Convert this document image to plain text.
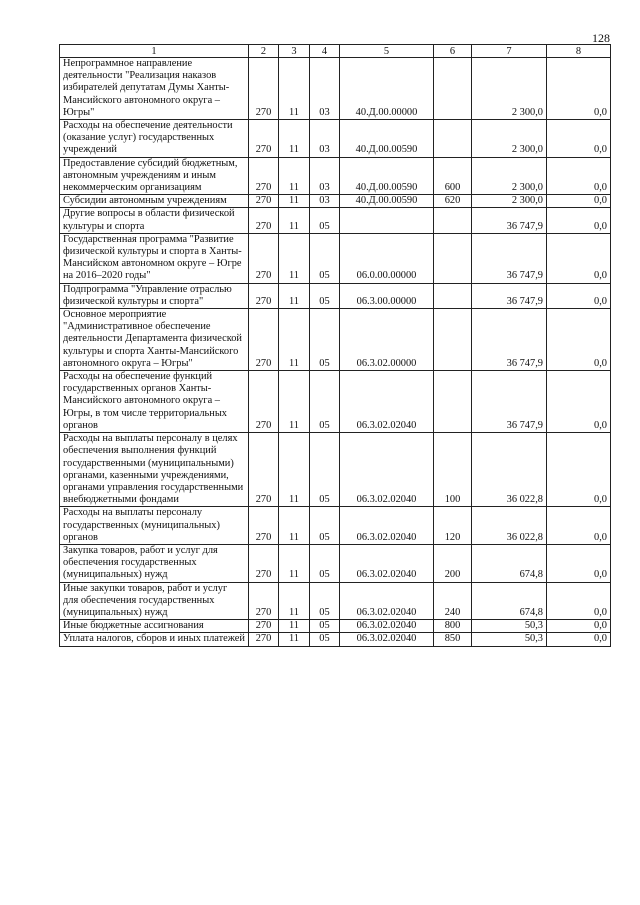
128
1	2	3	4	5	6	7	8
Непрограммное направление деятельности "Реализация наказов избирателей депутатам Думы Ханты-Мансийского автономного округа – Югры"	270	11	03	40.Д.00.00000		2 300,0	0,0
Расходы на обеспечение деятельности (оказание услуг) государственных учреждений	270	11	03	40.Д.00.00590		2 300,0	0,0
Предоставление субсидий бюджетным, автономным учреждениям и иным некоммерческим организациям	270	11	03	40.Д.00.00590	600	2 300,0	0,0
Субсидии автономным учреждениям	270	11	03	40.Д.00.00590	620	2 300,0	0,0
Другие вопросы в области физической культуры и спорта	270	11	05			36 747,9	0,0
Государственная программа "Развитие физической культуры и спорта в Ханты-Мансийском автономном округе – Югре на 2016–2020 годы"	270	11	05	06.0.00.00000		36 747,9	0,0
Подпрограмма "Управление отраслью физической культуры и спорта"	270	11	05	06.3.00.00000		36 747,9	0,0
Основное мероприятие "Административное обеспечение деятельности Департамента физической культуры и спорта Ханты-Мансийского автономного округа – Югры"	270	11	05	06.3.02.00000		36 747,9	0,0
Расходы на обеспечение функций государственных органов Ханты-Мансийского автономного округа – Югры, в том числе территориальных органов	270	11	05	06.3.02.02040		36 747,9	0,0
Расходы на выплаты персоналу в целях обеспечения выполнения функций государственными (муниципальными) органами, казенными учреждениями, органами управления государственными внебюджетными фондами	270	11	05	06.3.02.02040	100	36 022,8	0,0
Расходы на выплаты персоналу государственных (муниципальных) органов	270	11	05	06.3.02.02040	120	36 022,8	0,0
Закупка товаров, работ и услуг для обеспечения государственных (муниципальных) нужд	270	11	05	06.3.02.02040	200	674,8	0,0
Иные закупки товаров, работ и услуг для обеспечения государственных (муниципальных) нужд	270	11	05	06.3.02.02040	240	674,8	0,0
Иные бюджетные ассигнования	270	11	05	06.3.02.02040	800	50,3	0,0
Уплата налогов, сборов и иных платежей	270	11	05	06.3.02.02040	850	50,3	0,0
